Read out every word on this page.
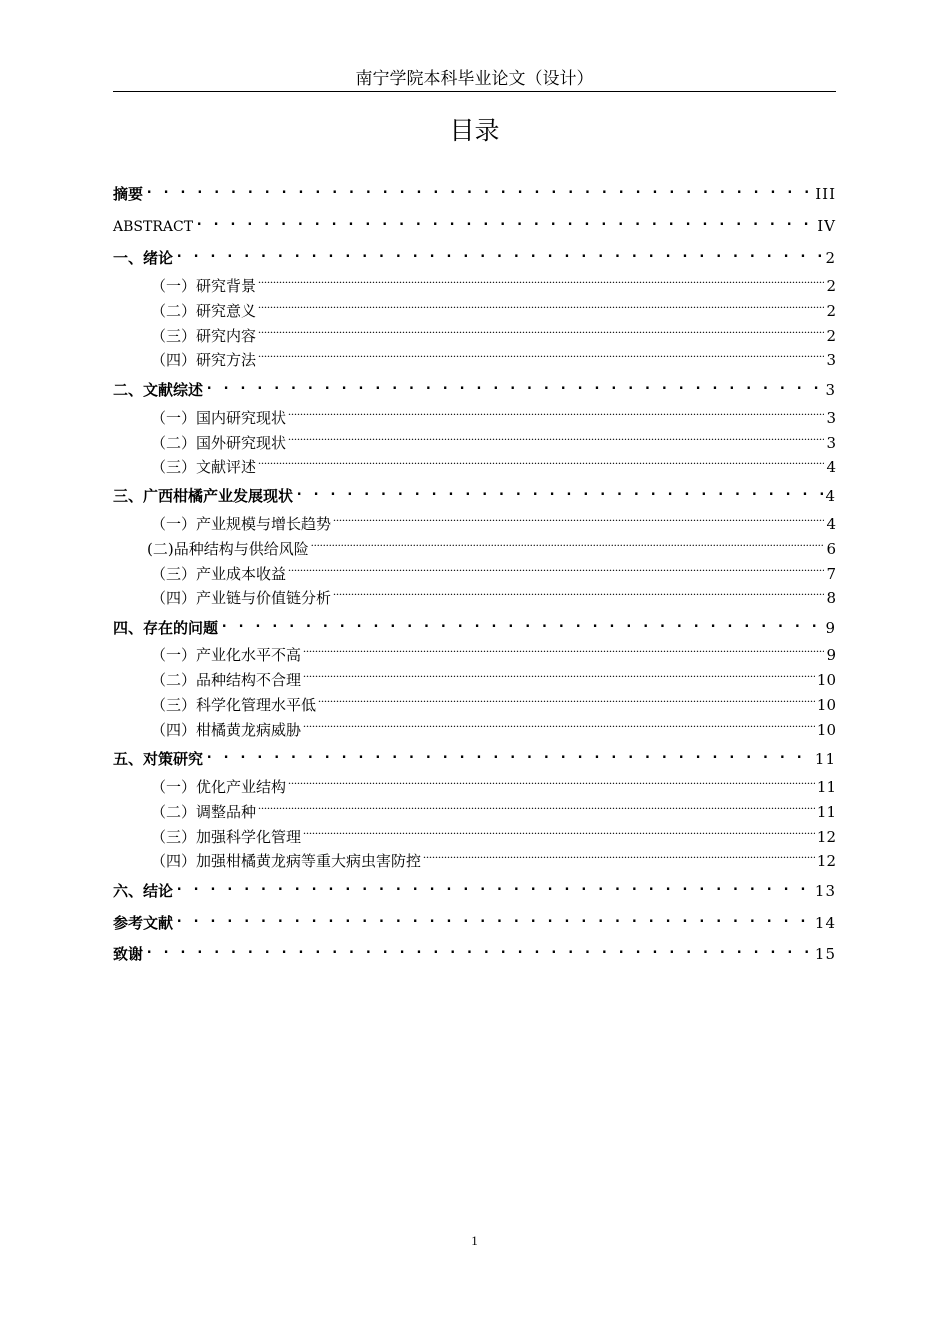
南宁学院本科毕业论文（设计）
目录
摘要 . . .	III
ABSTRACT . . .	IV
一、绪论 . . .	2
（一）研究背景 .....	2
（二）研究意义 .....	2
（三）研究内容 .....	2
（四）研究方法 .....	3
二、文献综述 . . .	3
（一）国内研究现状 .....	3
（二）国外研究现状 .....	3
（三）文献评述 .....	4
三、广西柑橘产业发展现状 . . .	4
（一）产业规模与增长趋势 .....	4
(二)品种结构与供给风险 .....	6
（三）产业成本收益 .....	7
（四）产业链与价值链分析 .....	8
四、存在的问题 . . .	9
（一）产业化水平不高 .....	9
（二）品种结构不合理 .....	10
（三）科学化管理水平低 .....	10
（四）柑橘黄龙病威胁 .....	10
五、对策研究 . . .	11
（一）优化产业结构 .....	11
（二）调整品种 .....	11
（三）加强科学化管理 .....	12
（四）加强柑橘黄龙病等重大病虫害防控 .....	12
六、结论 . . .	13
参考文献 . . .	14
致谢 . . .	15
1
